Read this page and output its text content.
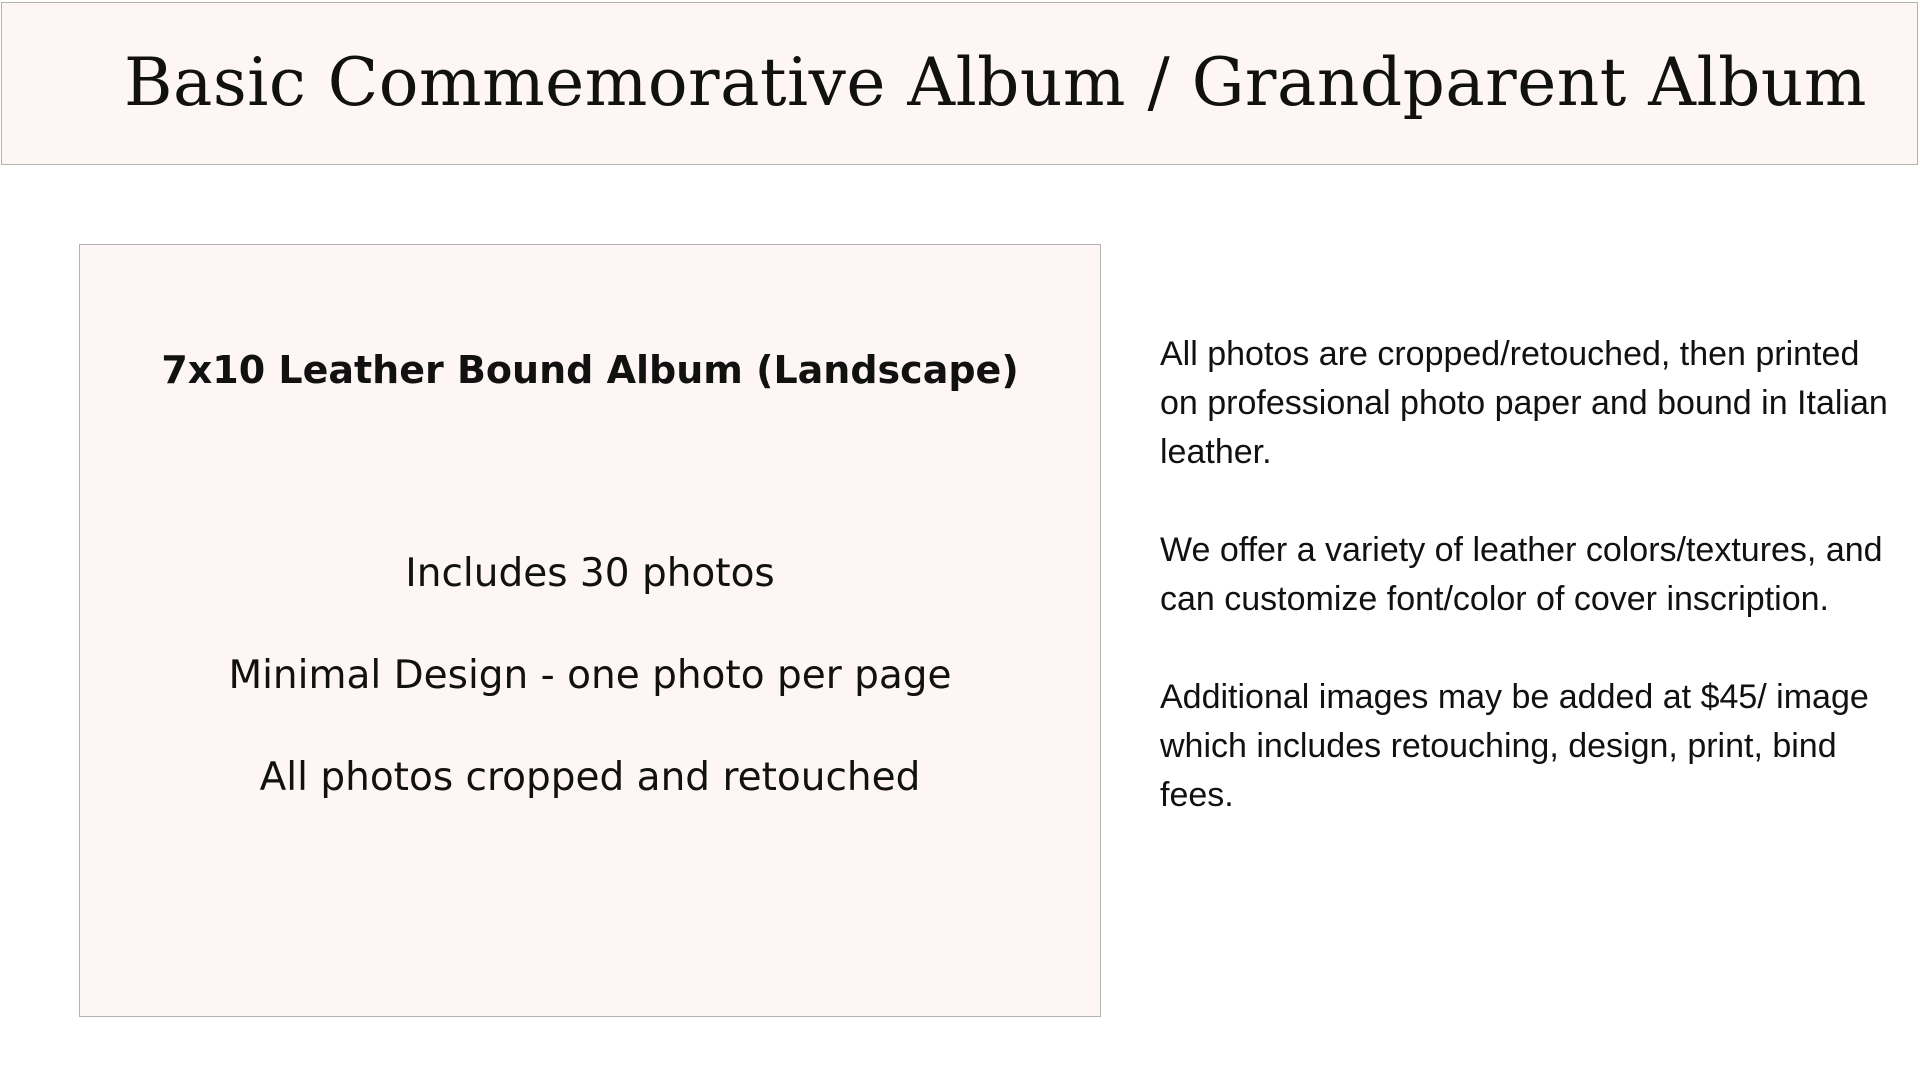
Basic Commemorative Album / Grandparent Album
7x10 Leather Bound Album (Landscape)
Includes 30 photos
Minimal Design - one photo per page
All photos cropped and retouched

All photos are cropped/retouched, then printed on professional photo paper and bound in Italian leather.

We offer a variety of leather colors/textures, and can customize font/color of cover inscription.

Additional images may be added at $45/ image which includes retouching, design, print, bind fees.
